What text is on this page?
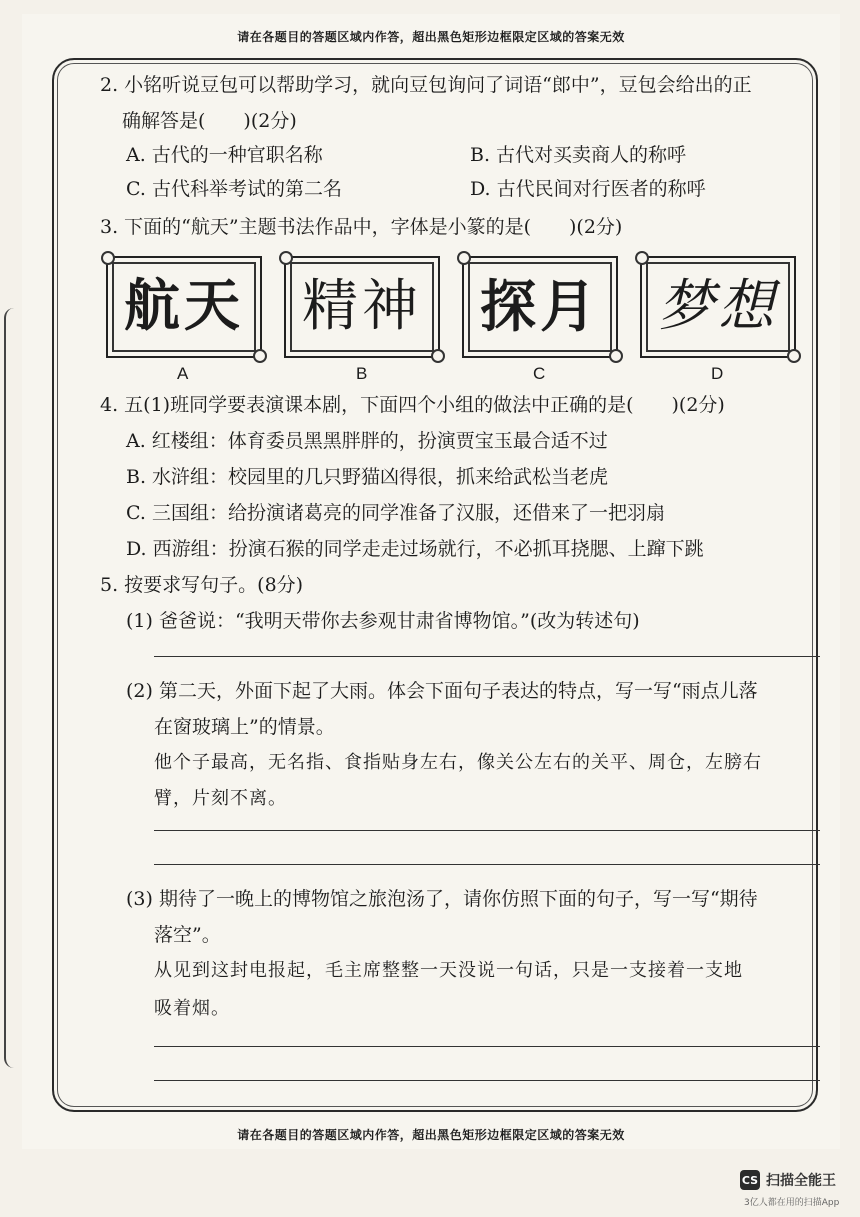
请在各题目的答题区域内作答，超出黑色矩形边框限定区域的答案无效
2. 小铭听说豆包可以帮助学习，就向豆包询问了词语“郎中”，豆包会给出的正
确解答是(　　)(2分)
A. 古代的一种官职名称	B. 古代对买卖商人的称呼
C. 古代科举考试的第二名	D. 古代民间对行医者的称呼
3. 下面的“航天”主题书法作品中，字体是小篆的是(　　)(2分)
航天 精神 探月 梦想
A	B	C	D
4. 五(1)班同学要表演课本剧，下面四个小组的做法中正确的是(　　)(2分)
A. 红楼组：体育委员黑黑胖胖的，扮演贾宝玉最合适不过
B. 水浒组：校园里的几只野猫凶得很，抓来给武松当老虎
C. 三国组：给扮演诸葛亮的同学准备了汉服，还借来了一把羽扇
D. 西游组：扮演石猴的同学走走过场就行，不必抓耳挠腮、上蹿下跳
5. 按要求写句子。(8分)
(1) 爸爸说：“我明天带你去参观甘肃省博物馆。”(改为转述句)
(2) 第二天，外面下起了大雨。体会下面句子表达的特点，写一写“雨点儿落
在窗玻璃上”的情景。
他个子最高，无名指、食指贴身左右，像关公左右的关平、周仓，左膀右
臂，片刻不离。
(3) 期待了一晚上的博物馆之旅泡汤了，请你仿照下面的句子，写一写“期待
落空”。
从见到这封电报起，毛主席整整一天没说一句话，只是一支接着一支地
吸着烟。
请在各题目的答题区域内作答，超出黑色矩形边框限定区域的答案无效
CS 扫描全能王
3亿人都在用的扫描App
